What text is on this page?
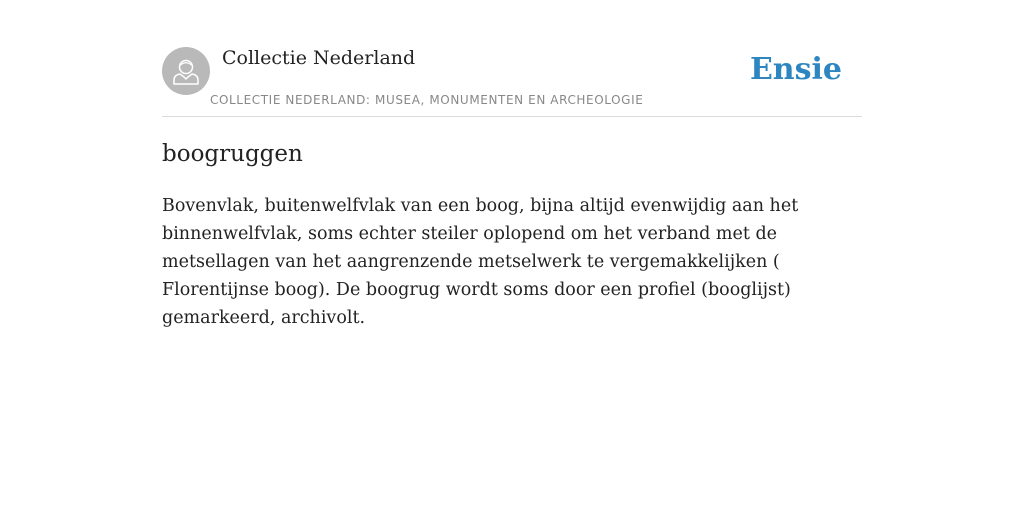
Collectie Nederland
COLLECTIE NEDERLAND: MUSEA, MONUMENTEN EN ARCHEOLOGIE
Ensie
boogruggen

Bovenvlak, buitenwelfvlak van een boog, bijna altijd evenwijdig aan het binnenwelfvlak, soms echter steiler oplopend om het verband met de metsellagen van het aangrenzende metselwerk te vergemakkelijken ( Florentijnse boog). De boogrug wordt soms door een profiel (booglijst) gemarkeerd, archivolt.
